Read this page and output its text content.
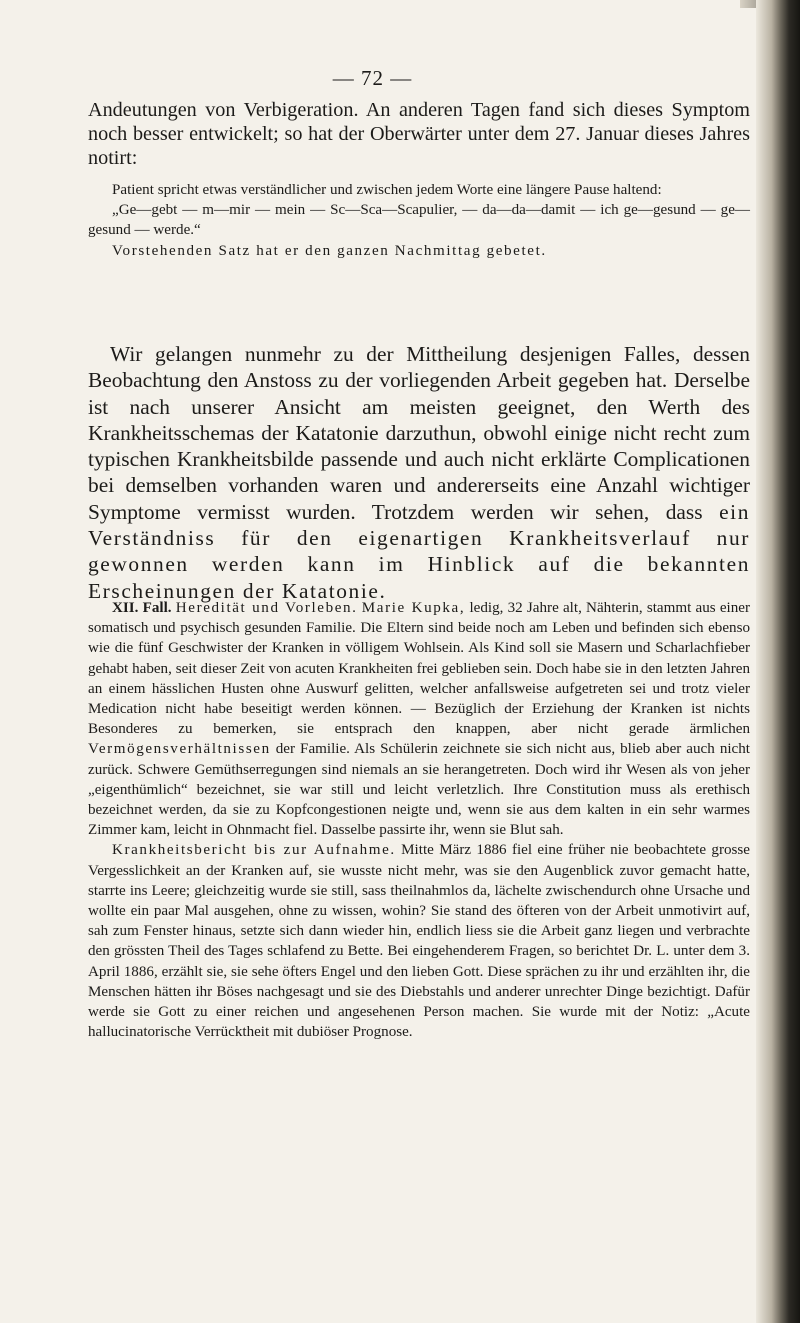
— 72 —

Andeutungen von Verbigeration. An anderen Tagen fand sich dieses Symptom noch besser entwickelt; so hat der Oberwärter unter dem 27. Januar dieses Jahres notirt:

Patient spricht etwas verständlicher und zwischen jedem Worte eine längere Pause haltend:

„Ge—gebt — m—mir — mein — Sc—Sca—Scapulier, — da—da—damit — ich ge—gesund — ge—gesund — werde.“

Vorstehenden Satz hat er den ganzen Nachmittag gebetet.

Wir gelangen nunmehr zu der Mittheilung desjenigen Falles, dessen Beobachtung den Anstoss zu der vorliegenden Arbeit gegeben hat. Derselbe ist nach unserer Ansicht am meisten geeignet, den Werth des Krankheitsschemas der Katatonie darzuthun, obwohl einige nicht recht zum typischen Krankheitsbilde passende und auch nicht erklärte Complicationen bei demselben vorhanden waren und andererseits eine Anzahl wichtiger Symptome vermisst wurden. Trotzdem werden wir sehen, dass ein Verständniss für den eigenartigen Krankheitsverlauf nur gewonnen werden kann im Hinblick auf die bekannten Erscheinungen der Katatonie.

XII. Fall. Heredität und Vorleben. Marie Kupka, ledig, 32 Jahre alt, Nähterin, stammt aus einer somatisch und psychisch gesunden Familie. Die Eltern sind beide noch am Leben und befinden sich ebenso wie die fünf Geschwister der Kranken in völligem Wohlsein. Als Kind soll sie Masern und Scharlachfieber gehabt haben, seit dieser Zeit von acuten Krankheiten frei geblieben sein. Doch habe sie in den letzten Jahren an einem hässlichen Husten ohne Auswurf gelitten, welcher anfallsweise aufgetreten sei und trotz vieler Medication nicht habe beseitigt werden können. — Bezüglich der Erziehung der Kranken ist nichts Besonderes zu bemerken, sie entsprach den knappen, aber nicht gerade ärmlichen Vermögensverhältnissen der Familie. Als Schülerin zeichnete sie sich nicht aus, blieb aber auch nicht zurück. Schwere Gemüthserregungen sind niemals an sie herangetreten. Doch wird ihr Wesen als von jeher „eigenthümlich“ bezeichnet, sie war still und leicht verletzlich. Ihre Constitution muss als erethisch bezeichnet werden, da sie zu Kopfcongestionen neigte und, wenn sie aus dem kalten in ein sehr warmes Zimmer kam, leicht in Ohnmacht fiel. Dasselbe passirte ihr, wenn sie Blut sah.

Krankheitsbericht bis zur Aufnahme. Mitte März 1886 fiel eine früher nie beobachtete grosse Vergesslichkeit an der Kranken auf, sie wusste nicht mehr, was sie den Augenblick zuvor gemacht hatte, starrte ins Leere; gleichzeitig wurde sie still, sass theilnahmlos da, lächelte zwischendurch ohne Ursache und wollte ein paar Mal ausgehen, ohne zu wissen, wohin? Sie stand des öfteren von der Arbeit unmotivirt auf, sah zum Fenster hinaus, setzte sich dann wieder hin, endlich liess sie die Arbeit ganz liegen und verbrachte den grössten Theil des Tages schlafend zu Bette. Bei eingehenderem Fragen, so berichtet Dr. L. unter dem 3. April 1886, erzählt sie, sie sehe öfters Engel und den lieben Gott. Diese sprächen zu ihr und erzählten ihr, die Menschen hätten ihr Böses nachgesagt und sie des Diebstahls und anderer unrechter Dinge bezichtigt. Dafür werde sie Gott zu einer reichen und angesehenen Person machen. Sie wurde mit der Notiz: „Acute hallucinatorische Verrücktheit mit dubiöser Prognose.
